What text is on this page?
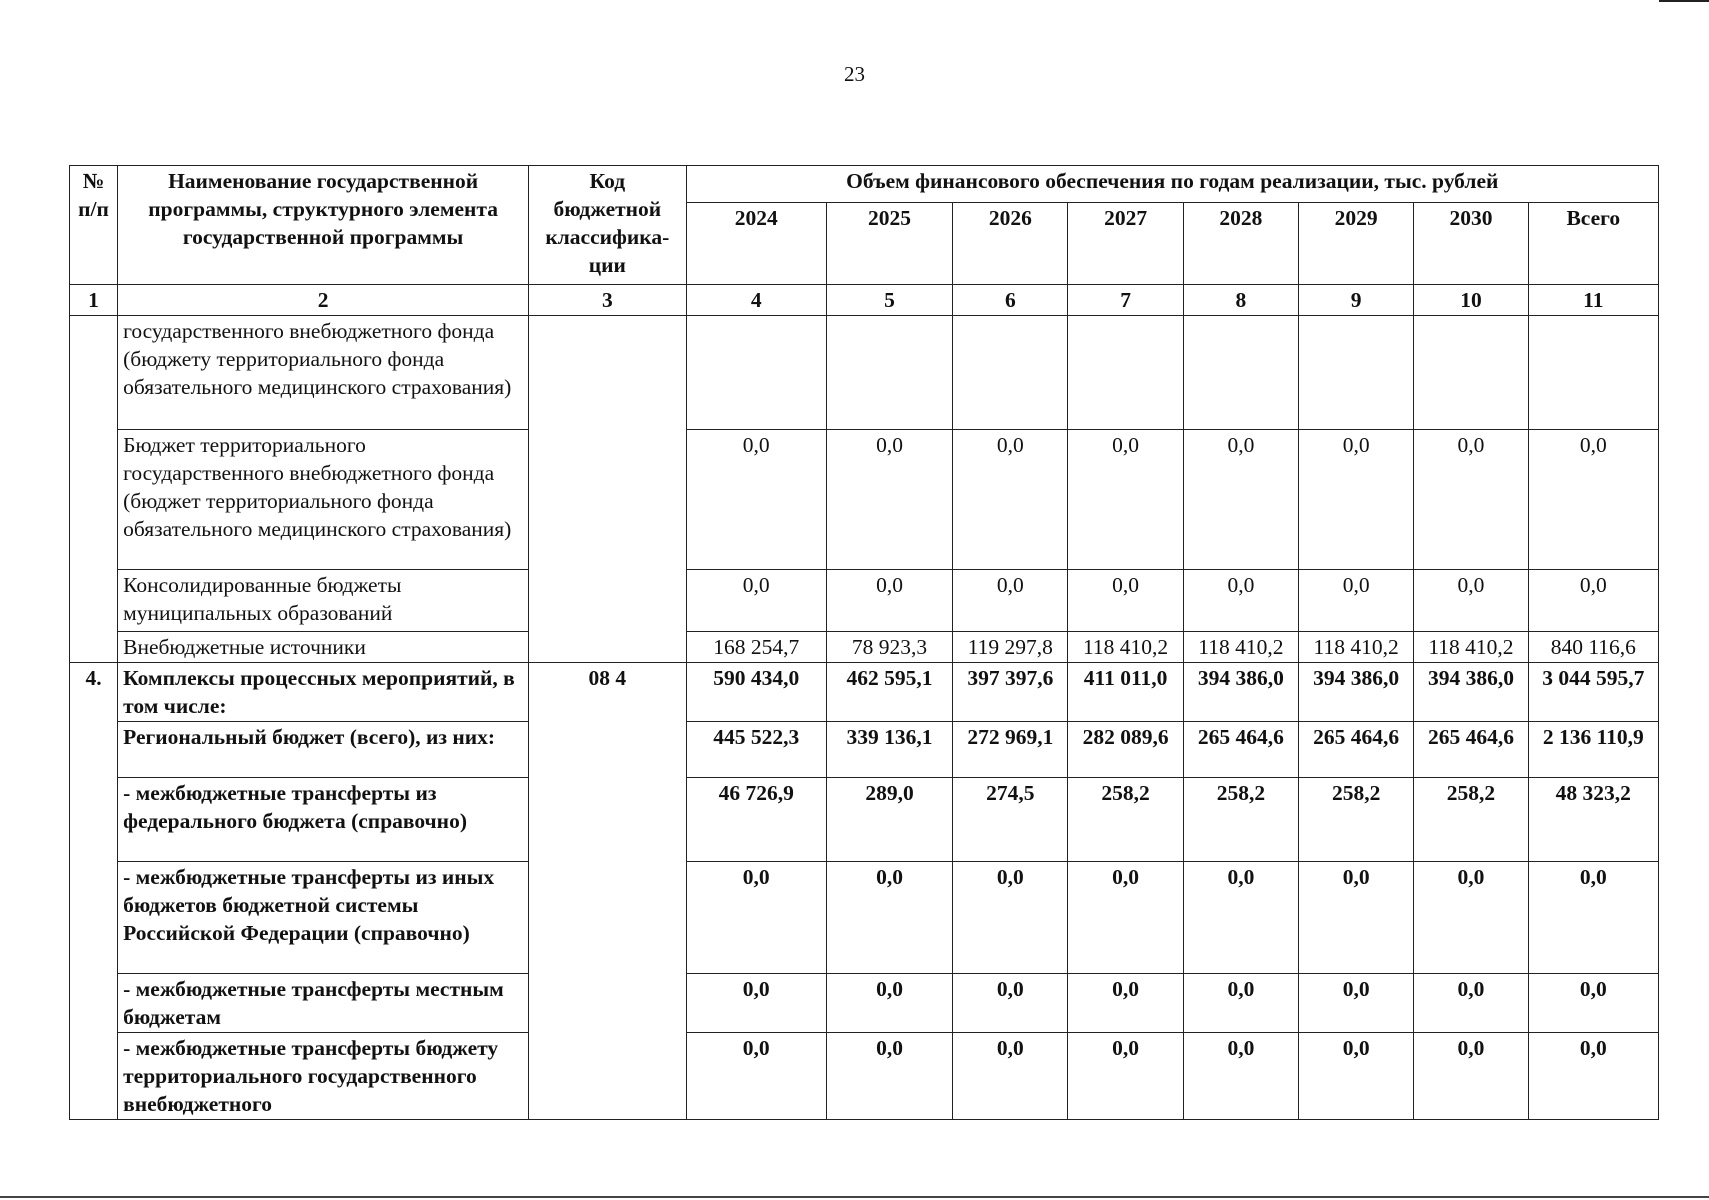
23
№ п/п	Наименование государственной программы, структурного элемента государственной программы	Код бюджетной классифика-ции	Объем финансового обеспечения по годам реализации, тыс. рублей							
			2024	2025	2026	2027	2028	2029	2030	Всего
1	2	3	4	5	6	7	8	9	10	11
	государственного внебюджетного фонда (бюджету территориального фонда обязательного медицинского страхования)									
	Бюджет территориального государственного внебюджетного фонда (бюджет территориального фонда обязательного медицинского страхования)		0,0	0,0	0,0	0,0	0,0	0,0	0,0	0,0
	Консолидированные бюджеты муниципальных образований		0,0	0,0	0,0	0,0	0,0	0,0	0,0	0,0
	Внебюджетные источники		168 254,7	78 923,3	119 297,8	118 410,2	118 410,2	118 410,2	118 410,2	840 116,6
4.	Комплексы процессных мероприятий, в том числе:	08 4	590 434,0	462 595,1	397 397,6	411 011,0	394 386,0	394 386,0	394 386,0	3 044 595,7
	Региональный бюджет (всего), из них:		445 522,3	339 136,1	272 969,1	282 089,6	265 464,6	265 464,6	265 464,6	2 136 110,9
	- межбюджетные трансферты из федерального бюджета (справочно)		46 726,9	289,0	274,5	258,2	258,2	258,2	258,2	48 323,2
	- межбюджетные трансферты из иных бюджетов бюджетной системы Российской Федерации (справочно)		0,0	0,0	0,0	0,0	0,0	0,0	0,0	0,0
	- межбюджетные трансферты местным бюджетам		0,0	0,0	0,0	0,0	0,0	0,0	0,0	0,0
	- межбюджетные трансферты бюджету территориального государственного внебюджетного		0,0	0,0	0,0	0,0	0,0	0,0	0,0	0,0
